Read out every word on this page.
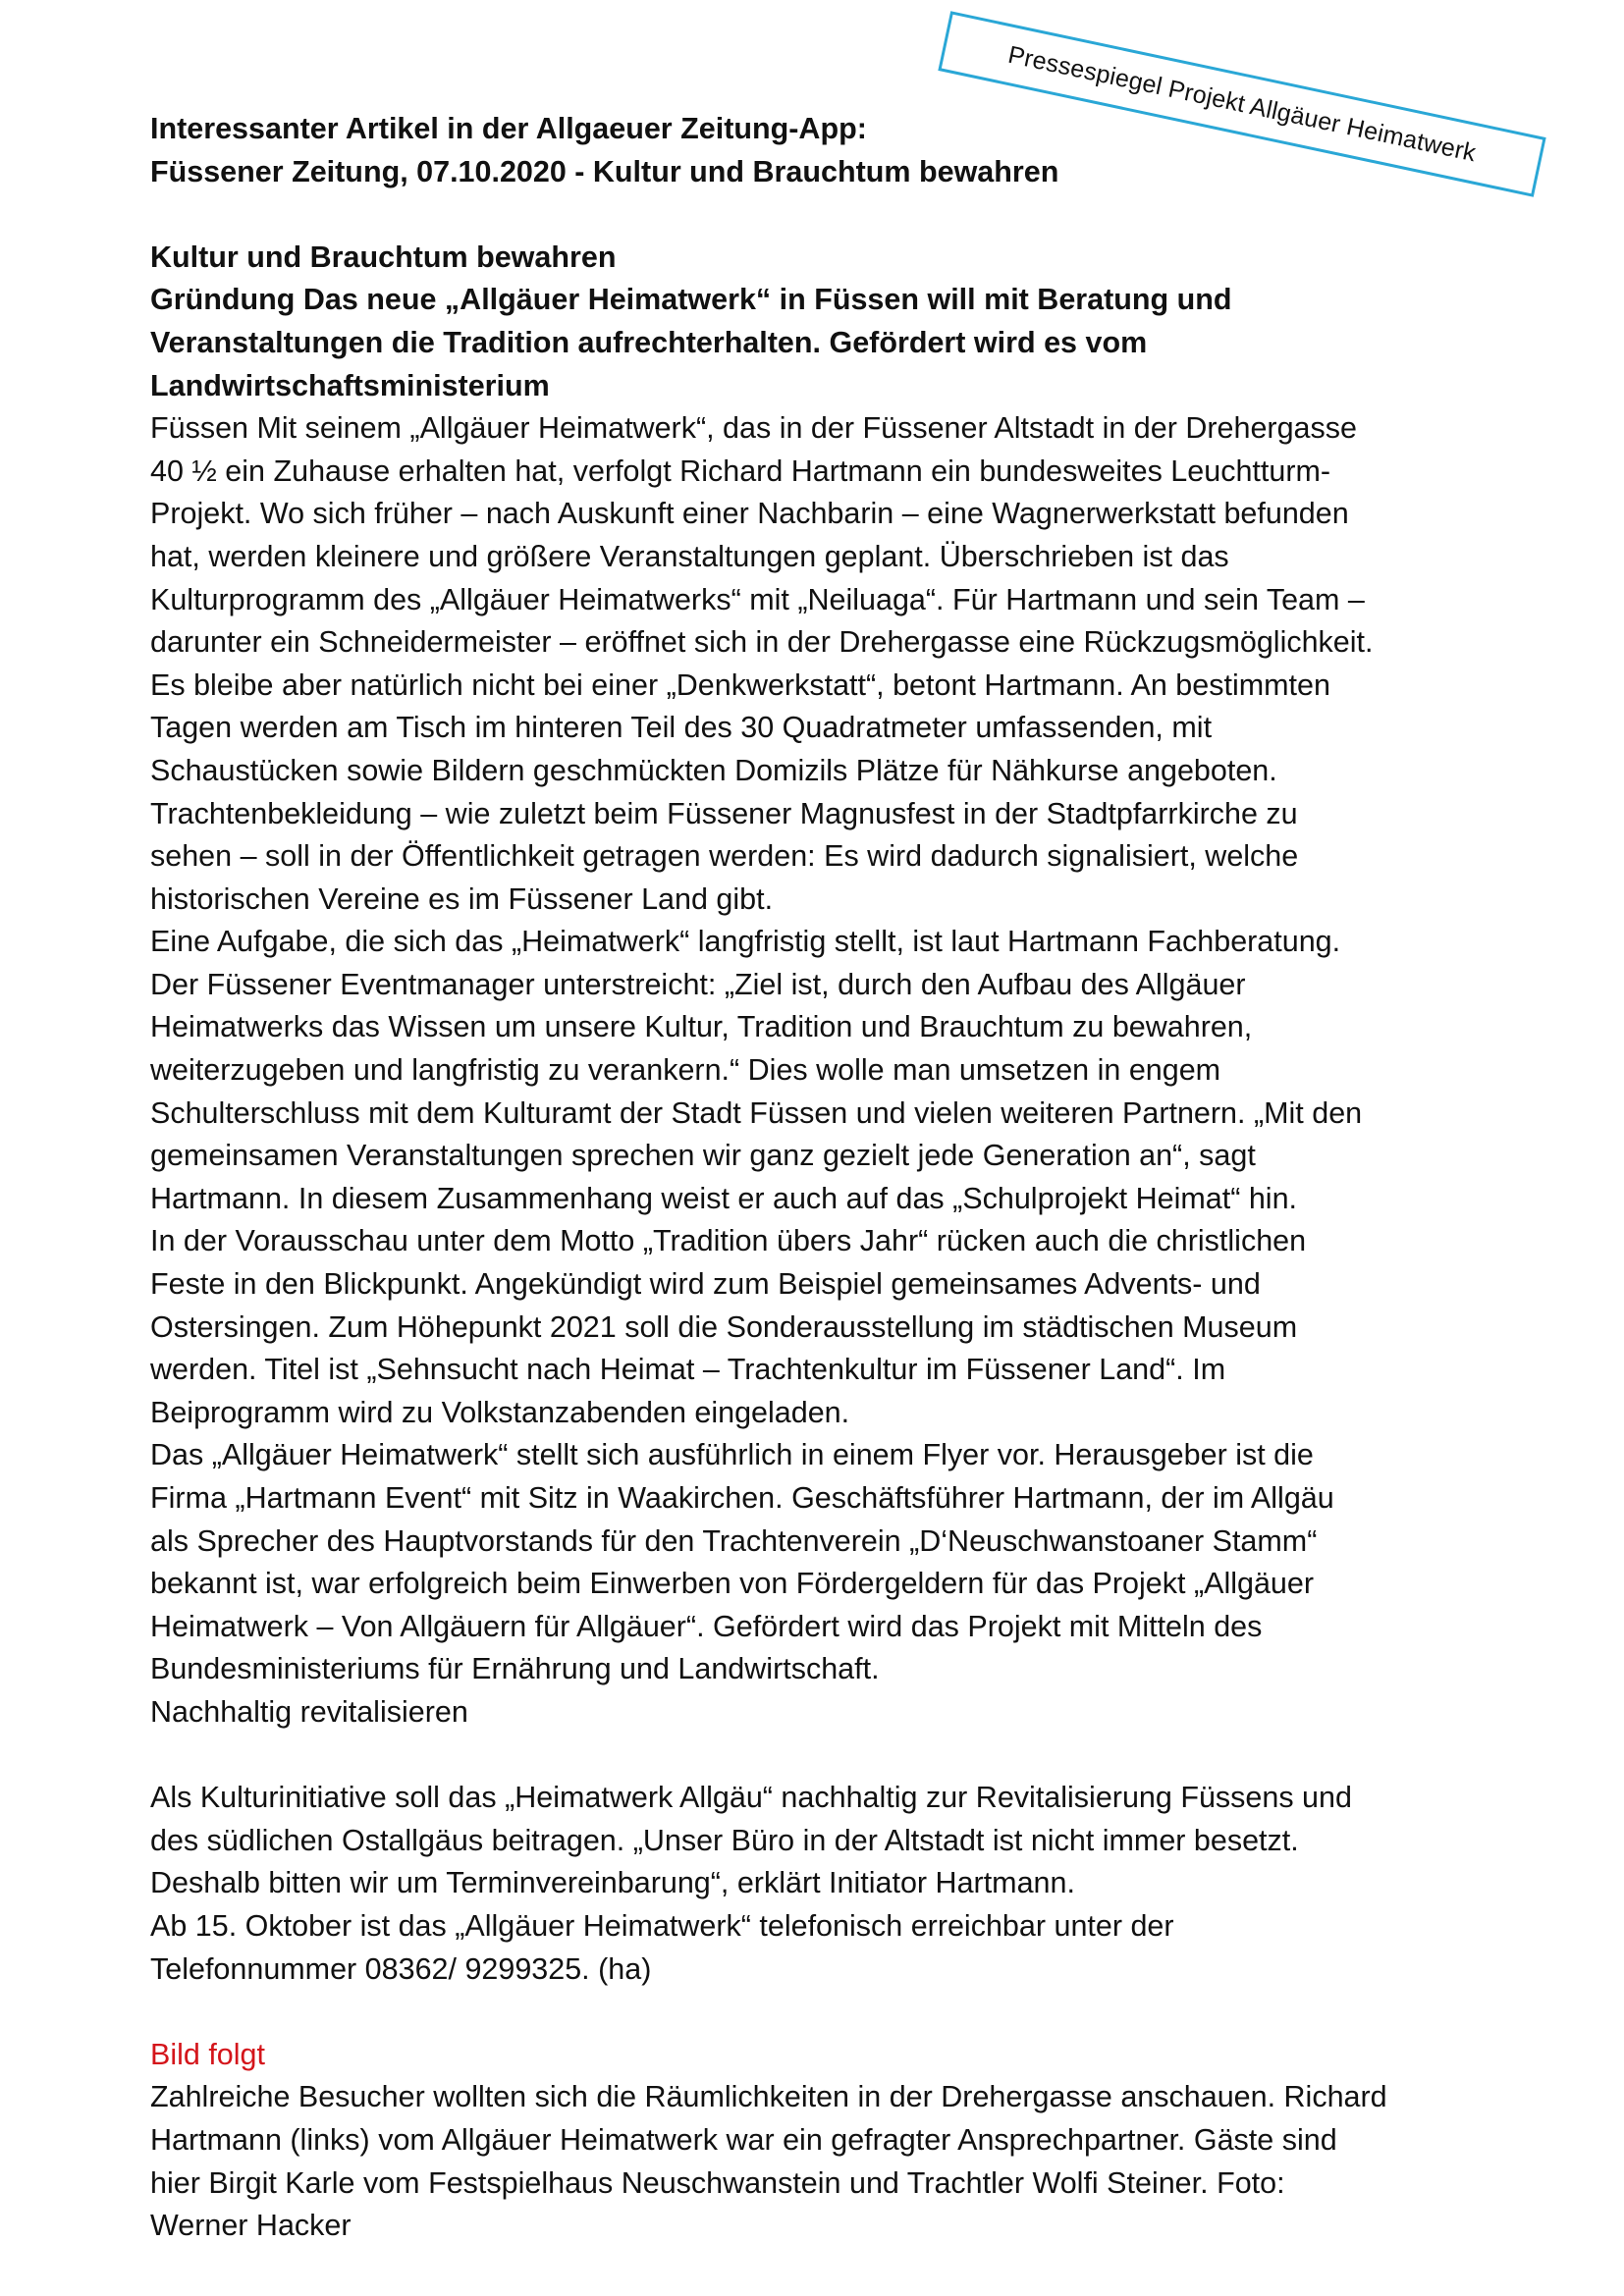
Pressespiegel Projekt Allgäuer Heimatwerk
Interessanter Artikel in der Allgaeuer Zeitung-App:
Füssener Zeitung, 07.10.2020 - Kultur und Brauchtum bewahren
Kultur und Brauchtum bewahren
Gründung Das neue „Allgäuer Heimatwerk“ in Füssen will mit Beratung und
Veranstaltungen die Tradition aufrechterhalten. Gefördert wird es vom
Landwirtschaftsministerium
Füssen Mit seinem „Allgäuer Heimatwerk“, das in der Füssener Altstadt in der Drehergasse
40 ½ ein Zuhause erhalten hat, verfolgt Richard Hartmann ein bundesweites Leuchtturm-
Projekt. Wo sich früher – nach Auskunft einer Nachbarin – eine Wagnerwerkstatt befunden
hat, werden kleinere und größere Veranstaltungen geplant. Überschrieben ist das
Kulturprogramm des „Allgäuer Heimatwerks“ mit „Neiluaga“. Für Hartmann und sein Team –
darunter ein Schneidermeister – eröffnet sich in der Drehergasse eine Rückzugsmöglichkeit.
Es bleibe aber natürlich nicht bei einer „Denkwerkstatt“, betont Hartmann. An bestimmten
Tagen werden am Tisch im hinteren Teil des 30 Quadratmeter umfassenden, mit
Schaustücken sowie Bildern geschmückten Domizils Plätze für Nähkurse angeboten.
Trachtenbekleidung – wie zuletzt beim Füssener Magnusfest in der Stadtpfarrkirche zu
sehen – soll in der Öffentlichkeit getragen werden: Es wird dadurch signalisiert, welche
historischen Vereine es im Füssener Land gibt.
Eine Aufgabe, die sich das „Heimatwerk“ langfristig stellt, ist laut Hartmann Fachberatung.
Der Füssener Eventmanager unterstreicht: „Ziel ist, durch den Aufbau des Allgäuer
Heimatwerks das Wissen um unsere Kultur, Tradition und Brauchtum zu bewahren,
weiterzugeben und langfristig zu verankern.“ Dies wolle man umsetzen in engem
Schulterschluss mit dem Kulturamt der Stadt Füssen und vielen weiteren Partnern. „Mit den
gemeinsamen Veranstaltungen sprechen wir ganz gezielt jede Generation an“, sagt
Hartmann. In diesem Zusammenhang weist er auch auf das „Schulprojekt Heimat“ hin.
In der Vorausschau unter dem Motto „Tradition übers Jahr“ rücken auch die christlichen
Feste in den Blickpunkt. Angekündigt wird zum Beispiel gemeinsames Advents- und
Ostersingen. Zum Höhepunkt 2021 soll die Sonderausstellung im städtischen Museum
werden. Titel ist „Sehnsucht nach Heimat – Trachtenkultur im Füssener Land“. Im
Beiprogramm wird zu Volkstanzabenden eingeladen.
Das „Allgäuer Heimatwerk“ stellt sich ausführlich in einem Flyer vor. Herausgeber ist die
Firma „Hartmann Event“ mit Sitz in Waakirchen. Geschäftsführer Hartmann, der im Allgäu
als Sprecher des Hauptvorstands für den Trachtenverein „D‘Neuschwanstoaner Stamm“
bekannt ist, war erfolgreich beim Einwerben von Fördergeldern für das Projekt „Allgäuer
Heimatwerk – Von Allgäuern für Allgäuer“. Gefördert wird das Projekt mit Mitteln des
Bundesministeriums für Ernährung und Landwirtschaft.
Nachhaltig revitalisieren
Als Kulturinitiative soll das „Heimatwerk Allgäu“ nachhaltig zur Revitalisierung Füssens und
des südlichen Ostallgäus beitragen. „Unser Büro in der Altstadt ist nicht immer besetzt.
Deshalb bitten wir um Terminvereinbarung“, erklärt Initiator Hartmann.
Ab 15. Oktober ist das „Allgäuer Heimatwerk“ telefonisch erreichbar unter der
Telefonnummer 08362/ 9299325. (ha)
Bild folgt
Zahlreiche Besucher wollten sich die Räumlichkeiten in der Drehergasse anschauen. Richard
Hartmann (links) vom Allgäuer Heimatwerk war ein gefragter Ansprechpartner. Gäste sind
hier Birgit Karle vom Festspielhaus Neuschwanstein und Trachtler Wolfi Steiner. Foto:
Werner Hacker
